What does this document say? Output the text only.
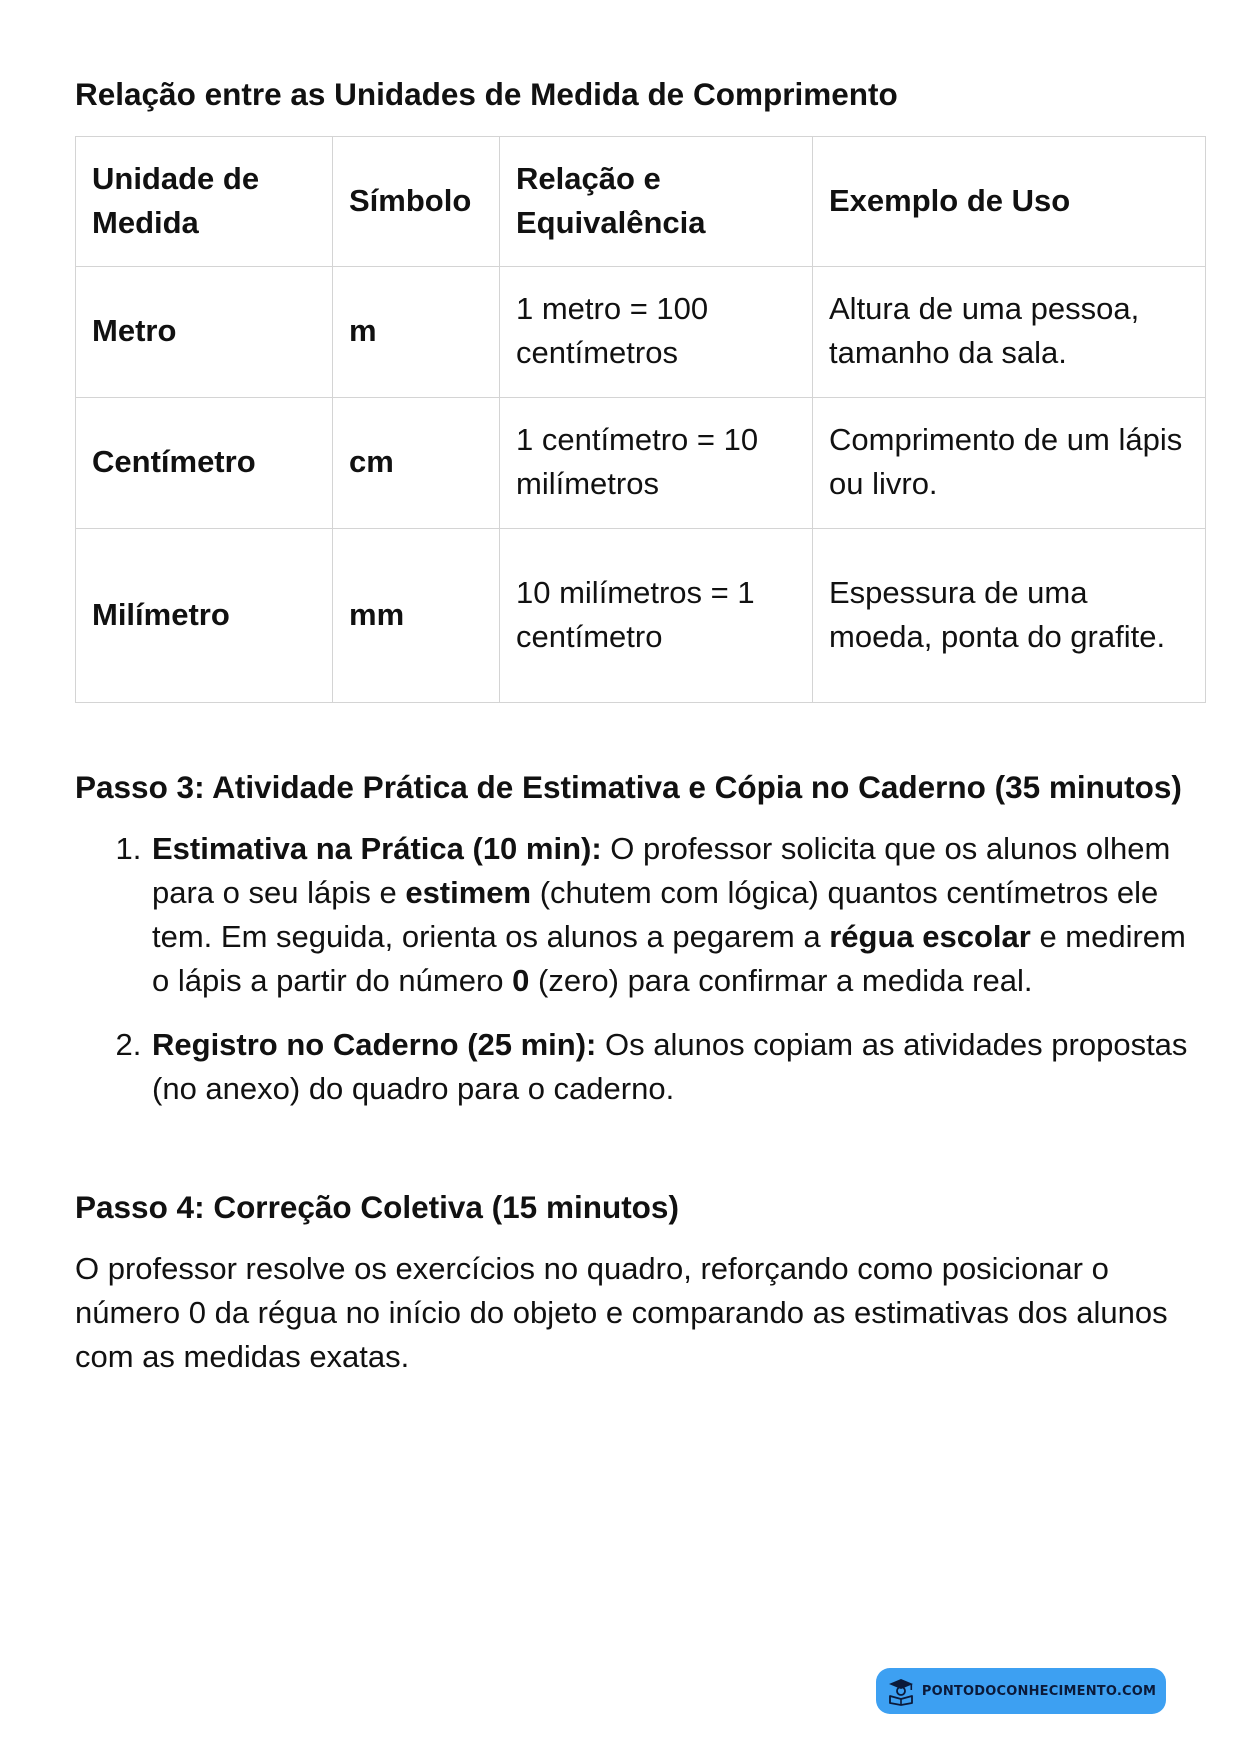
Relação entre as Unidades de Medida de Comprimento
Unidade de Medida	Símbolo	Relação e Equivalência	Exemplo de Uso
Metro	m	1 metro = 100 centímetros	Altura de uma pessoa, tamanho da sala.
Centímetro	cm	1 centímetro = 10 milímetros	Comprimento de um lápis ou livro.
Milímetro	mm	10 milímetros = 1 centímetro	Espessura de uma moeda, ponta do grafite.
Passo 3: Atividade Prática de Estimativa e Cópia no Caderno (35 minutos)
1. Estimativa na Prática (10 min): O professor solicita que os alunos olhem para o seu lápis e estimem (chutem com lógica) quantos centímetros ele tem. Em seguida, orienta os alunos a pegarem a régua escolar e medirem o lápis a partir do número 0 (zero) para confirmar a medida real.
2. Registro no Caderno (25 min): Os alunos copiam as atividades propostas (no anexo) do quadro para o caderno.
Passo 4: Correção Coletiva (15 minutos)

O professor resolve os exercícios no quadro, reforçando como posicionar o número 0 da régua no início do objeto e comparando as estimativas dos alunos com as medidas exatas.

PONTODOCONHECIMENTO.COM
